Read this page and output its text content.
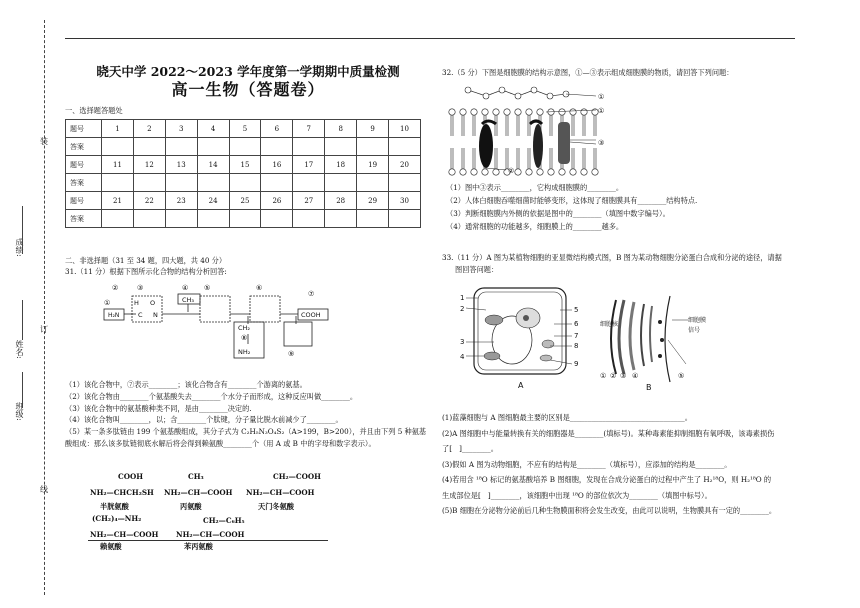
装
成绩:
订
姓名:
班级:
线
晓天中学 2022～2023 学年度第一学期期中质量检测
高一生物（答题卷）
一、选择题答题处
题号	1	2	3	4	5	6	7	8	9	10
答案										
题号	11	12	13	14	15	16	17	18	19	20
答案										
题号	21	22	23	24	25	26	27	28	29	30
答案										
二、非选择题（31 至 34 题，四大题，共 40 分）
31.（11 分）根据下图所示化合物的结构分析回答:
②	③	④ ⑤	⑥
⑦
①
H₂N
⑧
⑨
COOH
CH₃
H O
C N
CH₂
NH₂
（1）该化合物中，⑦表示________；该化合物含有________个游离的氨基。
（2）该化合物由________个氨基酸失去________个水分子而形成，这种反应叫做________。
（3）该化合物中的氨基酸种类不同，是由________决定的.
（4）该化合物叫________，以；含________个肽键，分子量比脱水前减少了________。
（5）某一条多肽链由 199 个氨基酸组成，其分子式为 C₂H₅N₃O₄S₂（A>199，B>200），并且由下列 5 种氨基
酸组成：那么该多肽链彻底水解后将会得到赖氨酸________个（用 A 或 B 中的字母和数字表示）。
COOH	CH₃	CH₂—COOH
NH₂—CHCH₂SH NH₂—CH—COOH NH₂—CH—COOH
半胱氨酸	丙氨酸	天门冬氨酸
(CH₂)₄—NH₂
NH₂—CH—COOH
CH₂—C₆H₅
NH₂—CH—COOH
赖氨酸	苯丙氨酸
32.（5 分）下图是细胞膜的结构示意图，①—③表示组成细胞膜的物质，请回答下列问题：
①
①
③
②
（1）图中③表示________，它构成细胞膜的________。
（2）人体白细胞吞噬细菌时能够变形，这体现了细胞膜具有________结构特点.
（3）判断细胞膜内外侧的依据是图中的________（填图中数字编号）。
（4）通常细胞的功能越多，细胞膜上的________越多。
33.（11 分）A 图为某植物细胞的亚显微结构模式图，B 图为某动物细胞分泌蛋白合成和分泌的途径，请据
图回答问题：
1
2
3
4
5
6
7
8
9
A
细胞核
细胞膜
信号
① ② ③ ④	⑤
B
(1)蓝藻细胞与 A 图细胞最主要的区别是________________________________。
(2)A 图细胞中与能量转换有关的细胞器是________(填标号)。某种毒素能抑制细胞有氧呼吸，该毒素损伤
了[　]________。
(3)假如 A 图为动物细胞，不应有的结构是________（填标号），应添加的结构是________。
(4)若用含 ¹⁸O 标记的氨基酸培养 B 图细胞，发现在合成分泌蛋白的过程中产生了 H₂¹⁸O，则 H₂¹⁸O 的
生成部位是[　]________，该细胞中出现 ¹⁸O 的部位依次为________（填图中标号）。
(5)B 细胞在分泌物分泌前后几种生物膜面积将会发生改变，由此可以说明，生物膜具有一定的________。
